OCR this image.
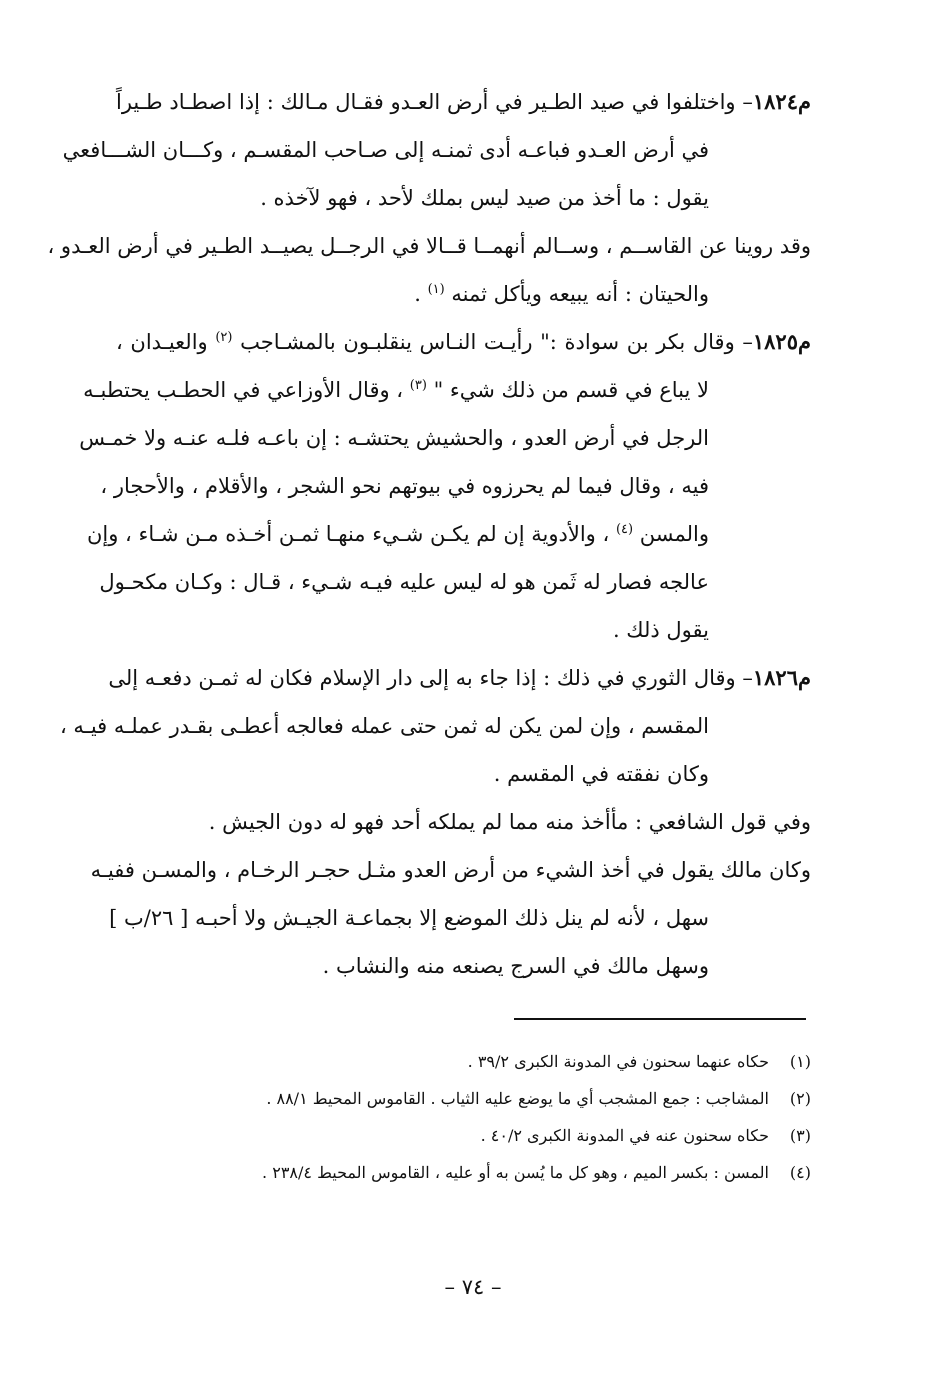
م١٨٢٤– واختلفوا في صيد الطـير في أرض العـدو فقـال مـالك : إذا اصطـاد طـيراً
في أرض العـدو فباعـه أدى ثمنـه إلى صـاحب المقسـم ، وكـــان الشـــافعي
يقول : ما أخذ من صيد ليس بملك لأحد ، فهو لآخذه .
وقد روينا عن القاســم ، وســالم أنهمــا قــالا في الرجــل يصيــد الطـير في أرض العـدو ،
والحيتان : أنه يبيعه ويأكل ثمنه $^{(١)}$ .
م١٨٢٥– وقال بكر بن سوادة :" رأيـت النـاس ينقلبـون بالمشـاجب $^{(٢)}$ والعيـدان ،
لا يباع في قسم من ذلك شيء " $^{(٣)}$ ، وقال الأوزاعي في الحطـب يحتطبـه
الرجل في أرض العدو ، والحشيش يحتشـه : إن باعـه فلـه عنـه ولا خمـس
فيه ، وقال فيما لم يحرزوه في بيوتهم نحو الشجر ، والأقلام ، والأحجار ،
والمسن $^{(٤)}$ ، والأدوية إن لم يكـن شـيء منهـا ثمـن أخـذه مـن شـاء ، وإن
عالجه فصار له ثَمن هو له ليس عليه فيـه شـيء ، قـال : وكـان مكحـول
يقول ذلك .
م١٨٢٦– وقال الثوري في ذلك : إذا جاء به إلى دار الإسلام فكان له ثمـن دفعـه إلى
المقسم ، وإن لمن يكن له ثمن حتى عمله فعالجه أعطـى بقـدر عملـه فيـه ،
وكان نفقته في المقسم .
وفي قول الشافعي : مأأخذ منه مما لم يملكه أحد فهو له دون الجيش .
وكان مالك يقول في أخذ الشيء من أرض العدو مثـل حجـر الرخـام ، والمسـن ففيـه
سهل ، لأنه لم ينل ذلك الموضع إلا بجماعـة الجيـش ولا أحبـه [ ٢٦/ب ]
وسهل مالك في السرج يصنعه منه والنشاب .
(١)حكاه عنهما سحنون في المدونة الكبرى ٣٩/٢ .
(٢)المشاجب : جمع المشجب أي ما يوضع عليه الثياب . القاموس المحيط ٨٨/١ .
(٣)حكاه سحنون عنه في المدونة الكبرى ٤٠/٢ .
(٤)المسن : بكسر الميم ، وهو كل ما يُسن به أو عليه ، القاموس المحيط ٢٣٨/٤ .
– ٧٤ –
